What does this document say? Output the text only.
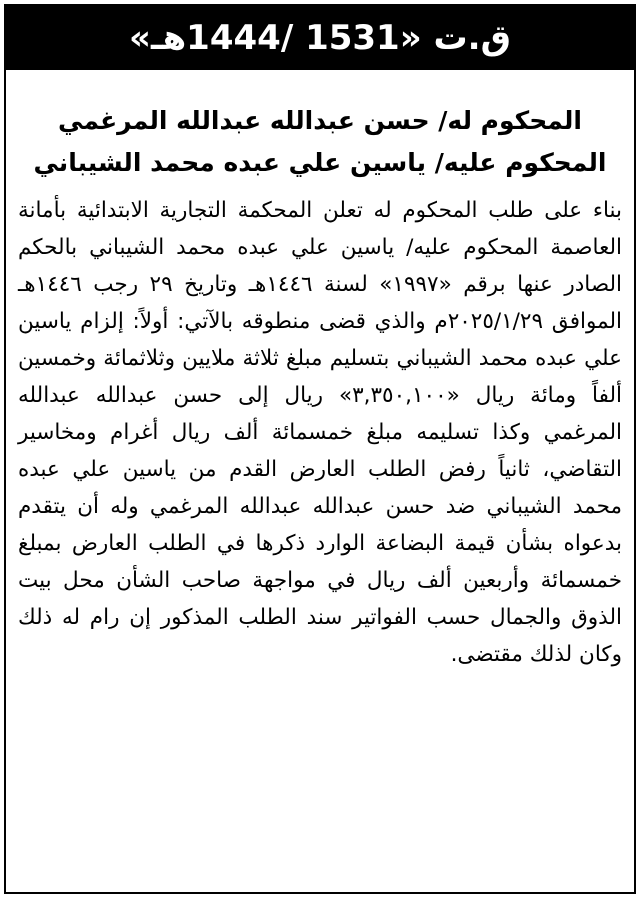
ق.ت «1531 /1444هـ»
المحكوم له/ حسن عبدالله عبدالله المرغمي
المحكوم عليه/ ياسين علي عبده محمد الشيباني
بناء على طلب المحكوم له تعلن المحكمة التجارية الابتدائية بأمانة العاصمة المحكوم عليه/ ياسين علي عبده محمد الشيباني بالحكم الصادر عنها برقم «١٩٩٧» لسنة ١٤٤٦هـ وتاريخ ٢٩ رجب ١٤٤٦هـ الموافق ٢٠٢٥/١/٢٩م والذي قضى منطوقه بالآتي: أولاً: إلزام ياسين علي عبده محمد الشيباني بتسليم مبلغ ثلاثة ملايين وثلاثمائة وخمسين ألفاً ومائة ريال «٣,٣٥٠,١٠٠» ريال إلى حسن عبدالله عبدالله المرغمي وكذا تسليمه مبلغ خمسمائة ألف ريال أغرام ومخاسير التقاضي، ثانياً رفض الطلب العارض القدم من ياسين علي عبده محمد الشيباني ضد حسن عبدالله عبدالله المرغمي وله أن يتقدم بدعواه بشأن قيمة البضاعة الوارد ذكرها في الطلب العارض بمبلغ خمسمائة وأربعين ألف ريال في مواجهة صاحب الشأن محل بيت الذوق والجمال حسب الفواتير سند الطلب المذكور إن رام له ذلك وكان لذلك مقتضى.
